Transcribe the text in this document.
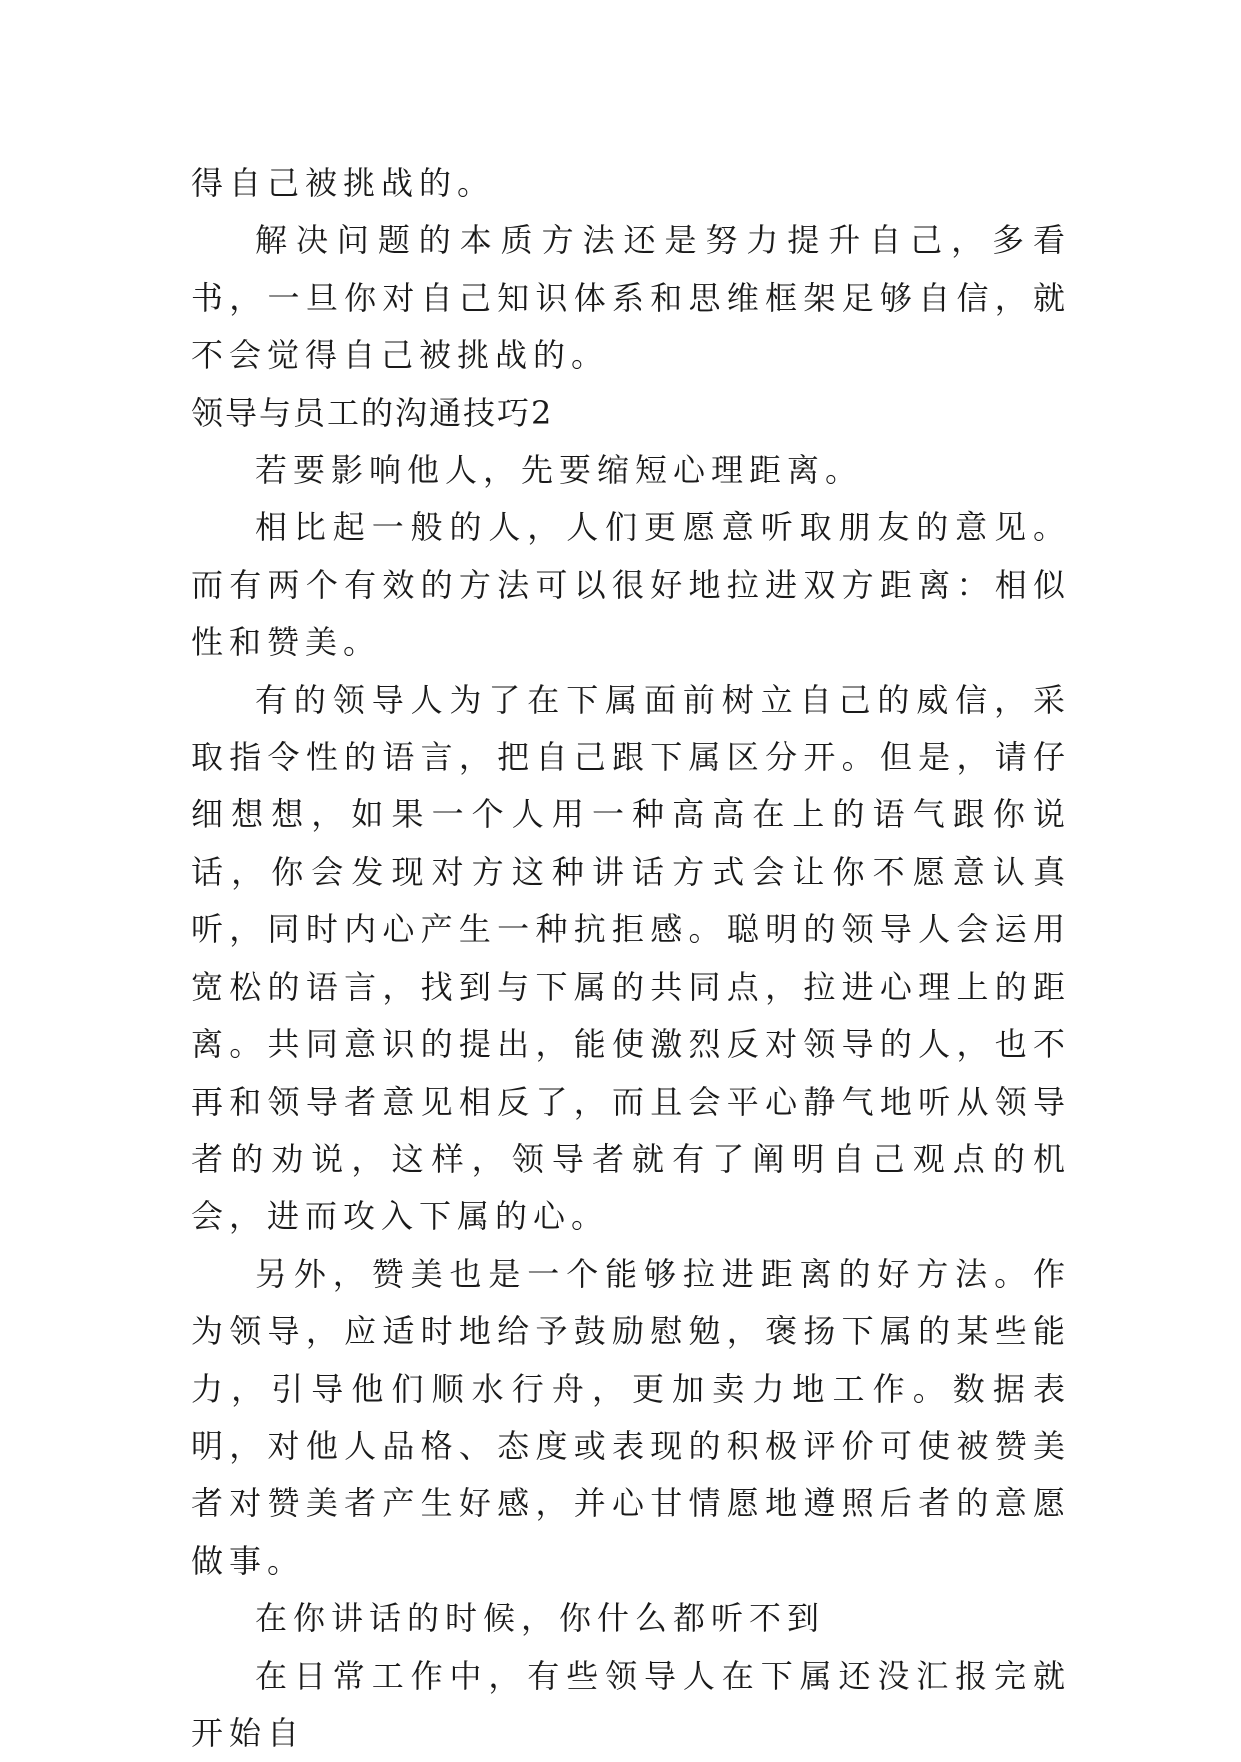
得自己被挑战的。

解决问题的本质方法还是努力提升自己，多看书，一旦你对自己知识体系和思维框架足够自信，就不会觉得自己被挑战的。

领导与员工的沟通技巧2

若要影响他人，先要缩短心理距离。

相比起一般的人，人们更愿意听取朋友的意见。而有两个有效的方法可以很好地拉进双方距离：相似性和赞美。

有的领导人为了在下属面前树立自己的威信，采取指令性的语言，把自己跟下属区分开。但是，请仔细想想，如果一个人用一种高高在上的语气跟你说话，你会发现对方这种讲话方式会让你不愿意认真听，同时内心产生一种抗拒感。聪明的领导人会运用宽松的语言，找到与下属的共同点，拉进心理上的距离。共同意识的提出，能使激烈反对领导的人，也不再和领导者意见相反了，而且会平心静气地听从领导者的劝说，这样，领导者就有了阐明自己观点的机会，进而攻入下属的心。

另外，赞美也是一个能够拉进距离的好方法。作为领导，应适时地给予鼓励慰勉，褒扬下属的某些能力，引导他们顺水行舟，更加卖力地工作。数据表明，对他人品格、态度或表现的积极评价可使被赞美者对赞美者产生好感，并心甘情愿地遵照后者的意愿做事。

在你讲话的时候，你什么都听不到

在日常工作中，有些领导人在下属还没汇报完就开始自
